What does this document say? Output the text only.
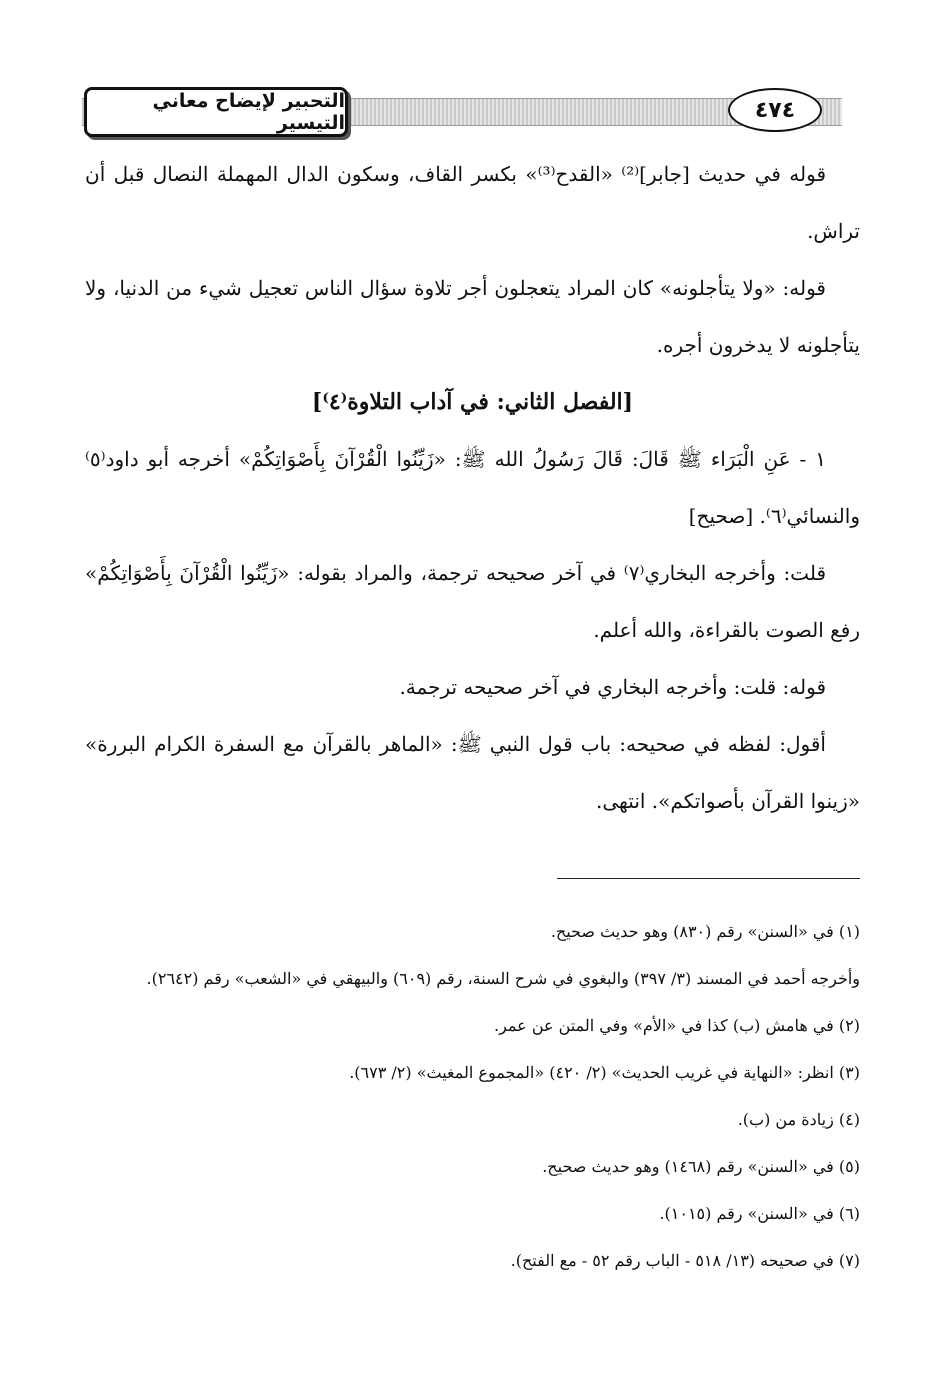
التحبير لإيضاح معاني التيسير
٤٧٤

قوله في حديث [جابر]⁽²⁾ «القدح⁽³⁾» بكسر القاف، وسكون الدال المهملة النصال قبل أن تراش.

قوله: «ولا يتأجلونه» كان المراد يتعجلون أجر تلاوة سؤال الناس تعجيل شيء من الدنيا، ولا يتأجلونه لا يدخرون أجره.

[الفصل الثاني: في آداب التلاوة⁽٤⁾]

١ - عَنِ الْبَرَاء ﷺ قَالَ: قَالَ رَسُولُ الله ﷺ: «زَيِّنُوا الْقُرْآنَ بِأَصْوَاتِكُمْ» أخرجه أبو داود⁽٥⁾ والنسائي⁽٦⁾. [صحيح]

قلت: وأخرجه البخاري⁽٧⁾ في آخر صحيحه ترجمة، والمراد بقوله: «زَيِّنُوا الْقُرْآنَ بِأَصْوَاتِكُمْ» رفع الصوت بالقراءة، والله أعلم.

قوله: قلت: وأخرجه البخاري في آخر صحيحه ترجمة.

أقول: لفظه في صحيحه: باب قول النبي ﷺ: «الماهر بالقرآن مع السفرة الكرام البررة» «زينوا القرآن بأصواتكم». انتهى.

(١) في «السنن» رقم (٨٣٠) وهو حديث صحيح.

وأخرجه أحمد في المسند (٣/ ٣٩٧) والبغوي في شرح السنة، رقم (٦٠٩) والبيهقي في «الشعب» رقم (٢٦٤٢).

(٢) في هامش (ب) كذا في «الأم» وفي المتن عن عمر.

(٣) انظر: «النهاية في غريب الحديث» (٢/ ٤٢٠) «المجموع المغيث» (٢/ ٦٧٣).

(٤) زيادة من (ب).

(٥) في «السنن» رقم (١٤٦٨) وهو حديث صحيح.

(٦) في «السنن» رقم (١٠١٥).

(٧) في صحيحه (١٣/ ٥١٨ - الباب رقم ٥٢ - مع الفتح).
